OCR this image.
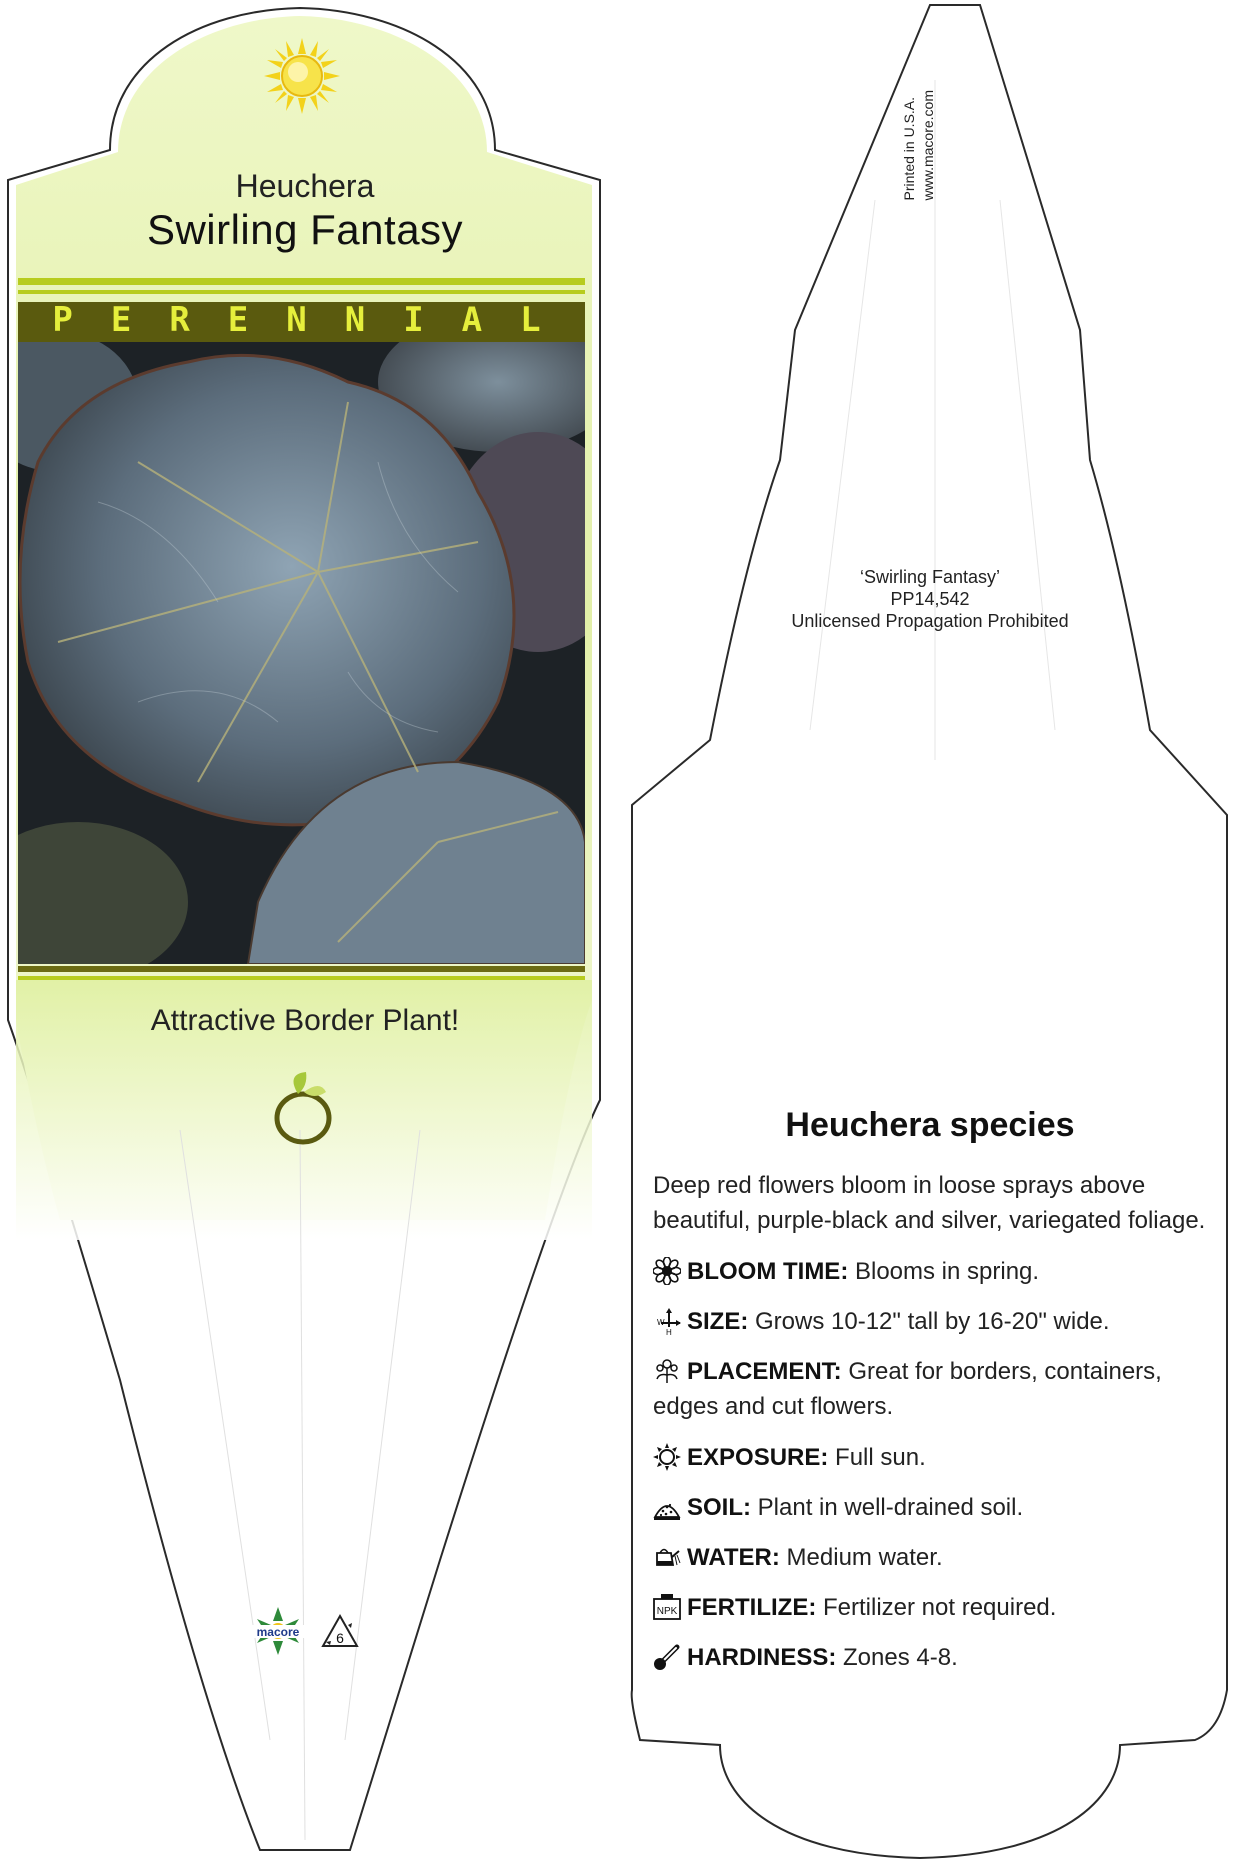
Heuchera
Swirling Fantasy
PERENNIAL
Attractive Border Plant!
macore	6
Printed in U.S.A. www.macore.com
‘Swirling Fantasy’
PP14,542
Unlicensed Propagation Prohibited
Heuchera species
Deep red flowers bloom in loose sprays above beautiful, purple-black and silver, variegated foliage.
BLOOM TIME: Blooms in spring.
W
H SIZE: Grows 10-12" tall by 16-20" wide.
PLACEMENT: Great for borders, containers, edges and cut flowers.
EXPOSURE: Full sun.
SOIL: Plant in well-drained soil.
WATER: Medium water.
NPK FERTILIZE: Fertilizer not required.
HARDINESS: Zones 4-8.
